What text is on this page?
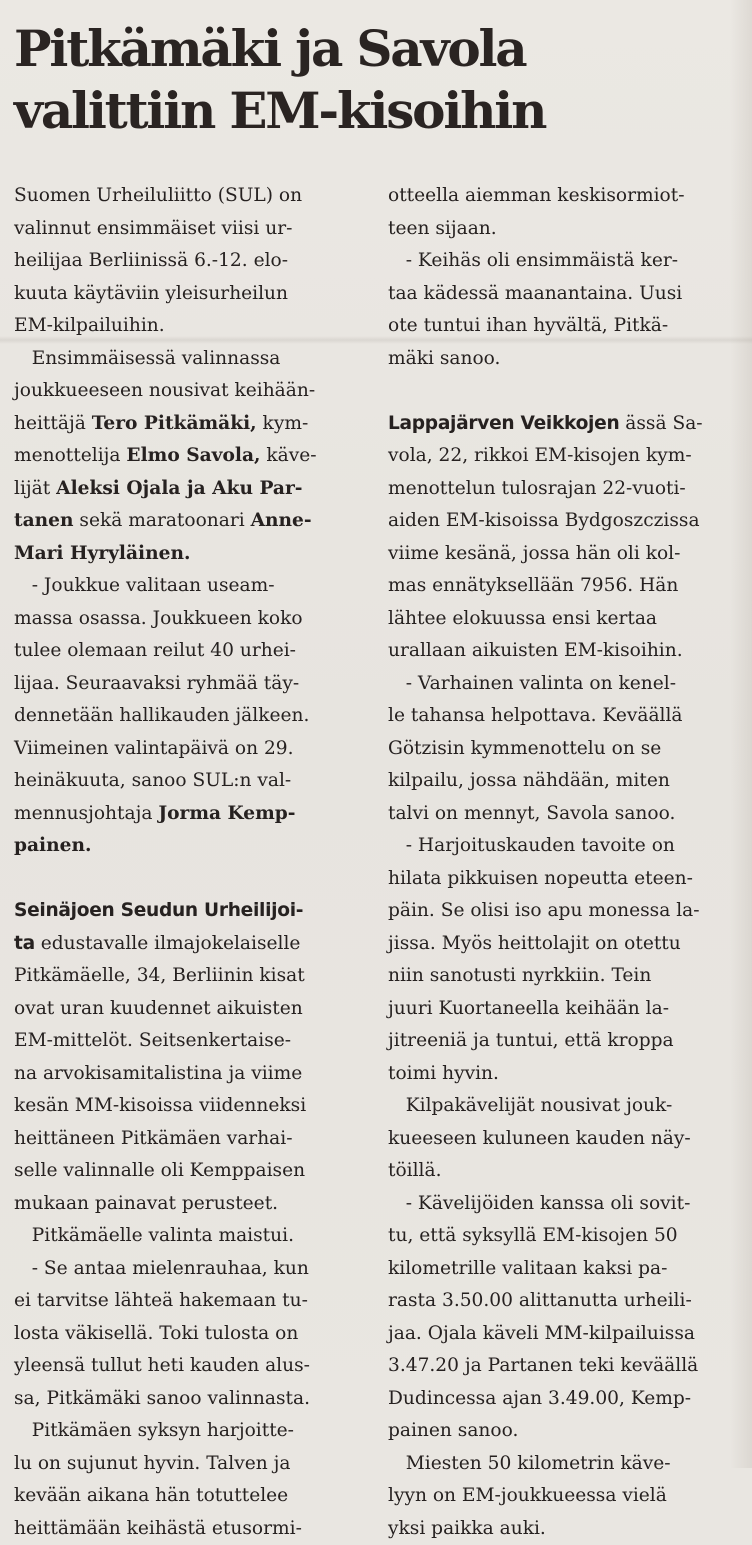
Pitkämäki ja Savola
valittiin EM-kisoihin
Suomen Urheiluliitto (SUL) on
valinnut ensimmäiset viisi ur-
heilijaa Berliinissä 6.-12. elo-
kuuta käytäviin yleisurheilun
EM-kilpailuihin.
Ensimmäisessä valinnassa
joukkueeseen nousivat keihään-
heittäjä Tero Pitkämäki, kym-
menottelija Elmo Savola, käve-
lijät Aleksi Ojala ja Aku Par-
tanen sekä maratoonari Anne-
Mari Hyryläinen.
- Joukkue valitaan useam-
massa osassa. Joukkueen koko
tulee olemaan reilut 40 urhei-
lijaa. Seuraavaksi ryhmää täy-
dennetään hallikauden jälkeen.
Viimeinen valintapäivä on 29.
heinäkuuta, sanoo SUL:n val-
mennusjohtaja Jorma Kemp-
painen.
Seinäjoen Seudun Urheilijoi-
ta edustavalle ilmajokelaiselle
Pitkämäelle, 34, Berliinin kisat
ovat uran kuudennet aikuisten
EM-mittelöt. Seitsenkertaise-
na arvokisamitalistina ja viime
kesän MM-kisoissa viidenneksi
heittäneen Pitkämäen varhai-
selle valinnalle oli Kemppaisen
mukaan painavat perusteet.
Pitkämäelle valinta maistui.
- Se antaa mielenrauhaa, kun
ei tarvitse lähteä hakemaan tu-
losta väkisellä. Toki tulosta on
yleensä tullut heti kauden alus-
sa, Pitkämäki sanoo valinnasta.
Pitkämäen syksyn harjoitte-
lu on sujunut hyvin. Talven ja
kevään aikana hän totuttelee
heittämään keihästä etusormi-
otteella aiemman keskisormiot-
teen sijaan.
- Keihäs oli ensimmäistä ker-
taa kädessä maanantaina. Uusi
ote tuntui ihan hyvältä, Pitkä-
mäki sanoo.
Lappajärven Veikkojen ässä Sa-
vola, 22, rikkoi EM-kisojen kym-
menottelun tulosrajan 22-vuoti-
aiden EM-kisoissa Bydgoszczissa
viime kesänä, jossa hän oli kol-
mas ennätyksellään 7956. Hän
lähtee elokuussa ensi kertaa
urallaan aikuisten EM-kisoihin.
- Varhainen valinta on kenel-
le tahansa helpottava. Keväällä
Götzisin kymmenottelu on se
kilpailu, jossa nähdään, miten
talvi on mennyt, Savola sanoo.
- Harjoituskauden tavoite on
hilata pikkuisen nopeutta eteen-
päin. Se olisi iso apu monessa la-
jissa. Myös heittolajit on otettu
niin sanotusti nyrkkiin. Tein
juuri Kuortaneella keihään la-
jitreeniä ja tuntui, että kroppa
toimi hyvin.
Kilpakävelijät nousivat jouk-
kueeseen kuluneen kauden näy-
töillä.
- Kävelijöiden kanssa oli sovit-
tu, että syksyllä EM-kisojen 50
kilometrille valitaan kaksi pa-
rasta 3.50.00 alittanutta urheili-
jaa. Ojala käveli MM-kilpailuissa
3.47.20 ja Partanen teki keväällä
Dudincessa ajan 3.49.00, Kemp-
painen sanoo.
Miesten 50 kilometrin käve-
lyyn on EM-joukkueessa vielä
yksi paikka auki.
